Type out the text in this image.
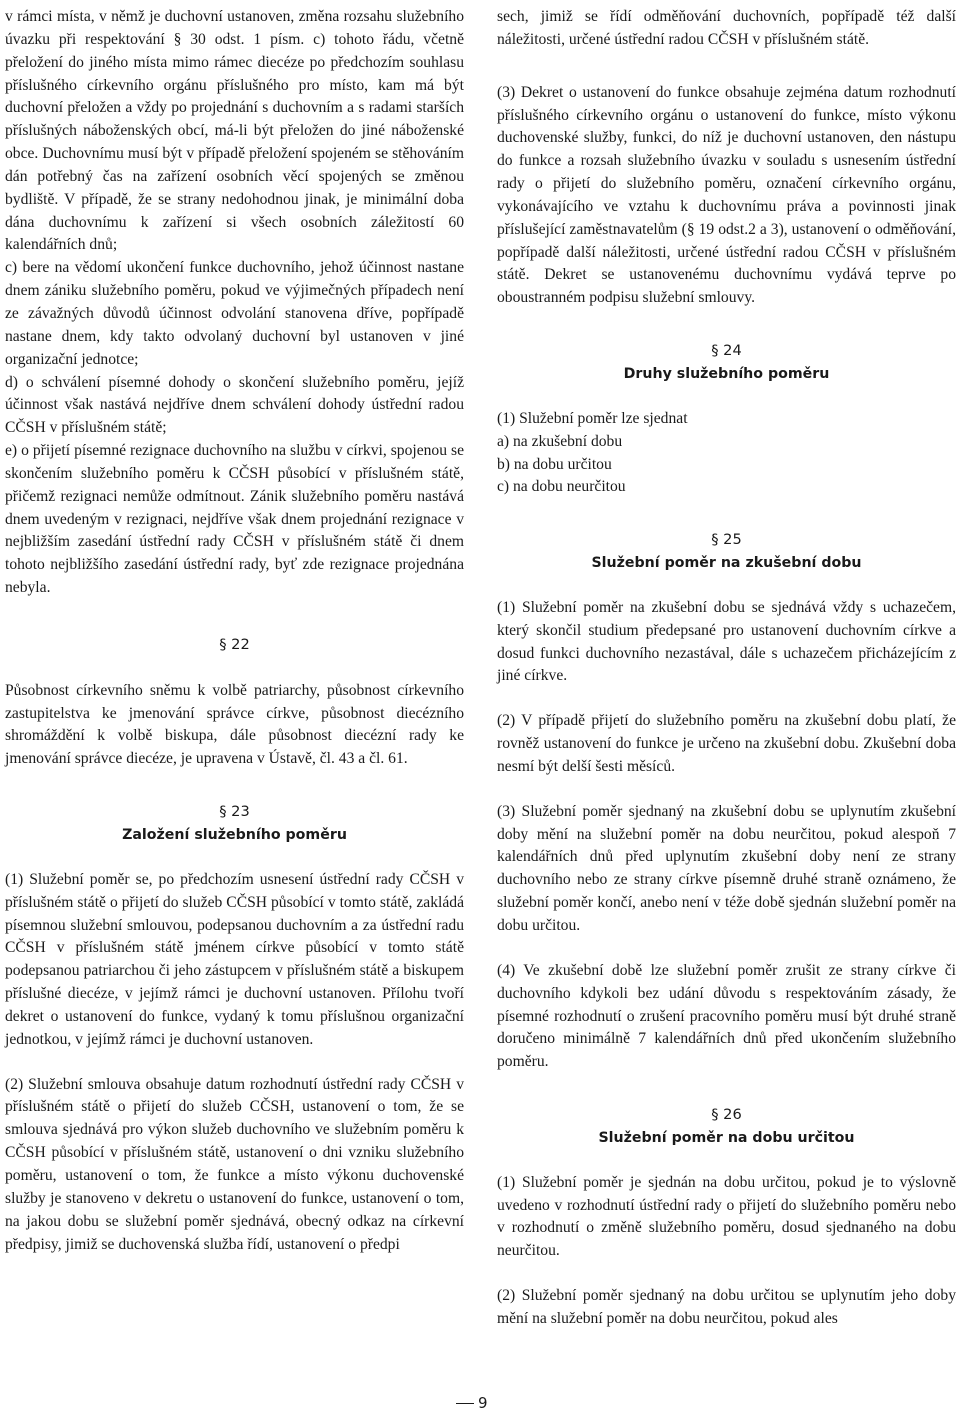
v rámci místa, v němž je duchovní ustanoven, změna rozsahu služebního úvazku při respektování § 30 odst. 1 písm. c) tohoto řádu, včetně přeložení do jiného místa mimo rámec diecéze po předchozím souhlasu příslušného církevního orgánu příslušného pro místo, kam má být duchovní přeložen a vždy po projednání s duchovním a s radami starších příslušných náboženských obcí, má-li být přeložen do jiné náboženské obce. Duchovnímu musí být v případě přeložení spojeném se stěhováním dán potřebný čas na zařízení osobních věcí spojených se změnou bydliště. V případě, že se strany nedohodnou jinak, je minimální doba dána duchovnímu k zařízení si všech osobních záležitostí 60 kalendářních dnů;

c) bere na vědomí ukončení funkce duchovního, jehož účinnost nastane dnem zániku služebního poměru, pokud ve výjimečných případech není ze závažných důvodů účinnost odvolání stanovena dříve, popřípadě nastane dnem, kdy takto odvolaný duchovní byl ustanoven v jiné organizační jednotce;

d) o schválení písemné dohody o skončení služebního poměru, jejíž účinnost však nastává nejdříve dnem schválení dohody ústřední radou CČSH v příslušném státě;

e) o přijetí písemné rezignace duchovního na službu v církvi, spojenou se skončením služebního poměru k CČSH působící v příslušném státě, přičemž rezignaci nemůže odmítnout. Zánik služebního poměru nastává dnem uvedeným v rezignaci, nejdříve však dnem projednání rezignace v nejbližším zasedání ústřední rady CČSH v příslušném státě či dnem tohoto nejbližšího zasedání ústřední rady, byť zde rezignace projednána nebyla.

§ 22

Působnost církevního sněmu k volbě patriarchy, působnost církevního zastupitelstva ke jmenování správce církve, působnost diecézního shromáždění k volbě biskupa, dále působnost diecézní rady ke jmenování správce diecéze, je upravena v Ústavě, čl. 43 a čl. 61.

§ 23
Založení služebního poměru

(1) Služební poměr se, po předchozím usnesení ústřední rady CČSH v příslušném státě o přijetí do služeb CČSH působící v tomto státě, zakládá písemnou služební smlouvou, podepsanou duchovním a za ústřední radu CČSH v příslušném státě jménem církve působící v tomto státě podepsanou patriarchou či jeho zástupcem v příslušném státě a biskupem příslušné diecéze, v jejímž rámci je duchovní ustanoven. Přílohu tvoří dekret o ustanovení do funkce, vydaný k tomu příslušnou organizační jednotkou, v jejímž rámci je duchovní ustanoven.

(2) Služební smlouva obsahuje datum rozhodnutí ústřední rady CČSH v příslušném státě o přijetí do služeb CČSH, ustanovení o tom, že se smlouva sjednává pro výkon služeb duchovního ve služebním poměru k CČSH působící v příslušném státě, ustanovení o dni vzniku služebního poměru, ustanovení o tom, že funkce a místo výkonu duchovenské služby je stanoveno v dekretu o ustanovení do funkce, ustanovení o tom, na jakou dobu se služební poměr sjednává, obecný odkaz na církevní předpisy, jimiž se duchovenská služba řídí, ustanovení o předpi

sech, jimiž se řídí odměňování duchovních, popřípadě též další náležitosti, určené ústřední radou CČSH v příslušném státě.

(3) Dekret o ustanovení do funkce obsahuje zejména datum rozhodnutí příslušného církevního orgánu o ustanovení do funkce, místo výkonu duchovenské služby, funkci, do níž je duchovní ustanoven, den nástupu do funkce a rozsah služebního úvazku v souladu s usnesením ústřední rady o přijetí do služebního poměru, označení církevního orgánu, vykonávajícího ve vztahu k duchovnímu práva a povinnosti jinak příslušející zaměstnavatelům (§ 19 odst.2 a 3), ustanovení o odměňování, popřípadě další náležitosti, určené ústřední radou CČSH v příslušném státě. Dekret se ustanovenému duchovnímu vydává teprve po oboustranném podpisu služební smlouvy.

§ 24
Druhy služebního poměru

(1) Služební poměr lze sjednat
a) na zkušební dobu
b) na dobu určitou
c) na dobu neurčitou

§ 25
Služební poměr na zkušební dobu

(1) Služební poměr na zkušební dobu se sjednává vždy s uchazečem, který skončil studium předepsané pro ustanovení duchovním církve a dosud funkci duchovního nezastával, dále s uchazečem přicházejícím z jiné církve.

(2) V případě přijetí do služebního poměru na zkušební dobu platí, že rovněž ustanovení do funkce je určeno na zkušební dobu. Zkušební doba nesmí být delší šesti měsíců.

(3) Služební poměr sjednaný na zkušební dobu se uplynutím zkušební doby mění na služební poměr na dobu neurčitou, pokud alespoň 7 kalendářních dnů před uplynutím zkušební doby není ze strany duchovního nebo ze strany církve písemně druhé straně oznámeno, že služební poměr končí, anebo není v téže době sjednán služební poměr na dobu určitou.

(4) Ve zkušební době lze služební poměr zrušit ze strany církve či duchovního kdykoli bez udání důvodu s respektováním zásady, že písemné rozhodnutí o zrušení pracovního poměru musí být druhé straně doručeno minimálně 7 kalendářních dnů před ukončením služebního poměru.

§ 26
Služební poměr na dobu určitou

(1) Služební poměr je sjednán na dobu určitou, pokud je to výslovně uvedeno v rozhodnutí ústřední rady o přijetí do služebního poměru nebo v rozhodnutí o změně služebního poměru, dosud sjednaného na dobu neurčitou.

(2) Služební poměr sjednaný na dobu určitou se uplynutím jeho doby mění na služební poměr na dobu neurčitou, pokud ales

9
